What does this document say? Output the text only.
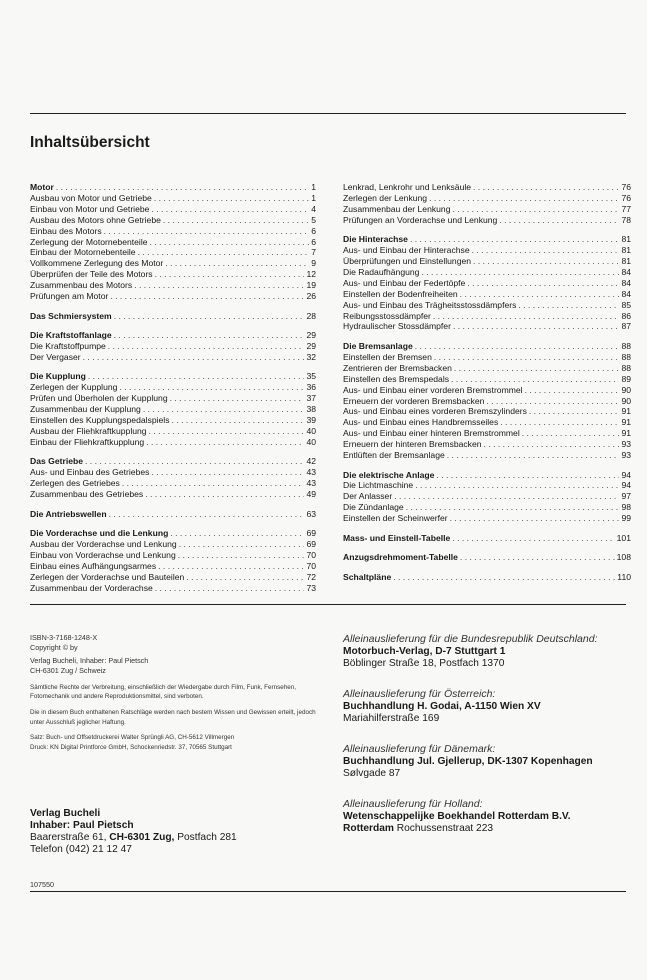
Inhaltsübersicht
Motor . . .	1
Ausbau von Motor und Getriebe . . .	1
Einbau von Motor und Getriebe . . .	4
Ausbau des Motors ohne Getriebe . . .	5
Einbau des Motors . . .	6
Zerlegung der Motornebenteile . . .	6
Einbau der Motornebenteile . . .	7
Vollkommene Zerlegung des Motor . . .	9
Überprüfen der Teile des Motors . . .	12
Zusammenbau des Motors . . .	19
Prüfungen am Motor . . .	26
Das Schmiersystem . . .	28
Die Kraftstoffanlage . . .	29
Die Kraftstoffpumpe . . .	29
Der Vergaser . . .	32
Die Kupplung . . .	35
Zerlegen der Kupplung . . .	36
Prüfen und Überholen der Kupplung . . .	37
Zusammenbau der Kupplung . . .	38
Einstellen des Kupplungspedalspiels . . .	39
Ausbau der Fliehkraftkupplung . . .	40
Einbau der Fliehkraftkupplung . . .	40
Das Getriebe . . .	42
Aus- und Einbau des Getriebes . . .	43
Zerlegen des Getriebes . . .	43
Zusammenbau des Getriebes . . .	49
Die Antriebswellen . . .	63
Die Vorderachse und die Lenkung . . .	69
Ausbau der Vorderachse und Lenkung . . .	69
Einbau von Vorderachse und Lenkung . . .	70
Einbau eines Aufhängungsarmes . . .	70
Zerlegen der Vorderachse und Bauteilen . . .	72
Zusammenbau der Vorderachse . . .	73
Lenkrad, Lenkrohr und Lenksäule . . .	76
Zerlegen der Lenkung . . .	76
Zusammenbau der Lenkung . . .	77
Prüfungen an Vorderachse und Lenkung . . .	78
Die Hinterachse . . .	81
Aus- und Einbau der Hinterachse . . .	81
Überprüfungen und Einstellungen . . .	81
Die Radaufhängung . . .	84
Aus- und Einbau der Federtöpfe . . .	84
Einstellen der Bodenfreiheiten . . .	84
Aus- und Einbau des Trägheitsstossdämpfers . . .	85
Reibungsstossdämpfer . . .	86
Hydraulischer Stossdämpfer . . .	87
Die Bremsanlage . . .	88
Einstellen der Bremsen . . .	88
Zentrieren der Bremsbacken . . .	88
Einstellen des Bremspedals . . .	89
Aus- und Einbau einer vorderen Bremstrommel . . .	90
Erneuern der vorderen Bremsbacken . . .	90
Aus- und Einbau eines vorderen Bremszylinders . . .	91
Aus- und Einbau eines Handbremsseiles . . .	91
Aus- und Einbau einer hinteren Bremstrommel . . .	91
Erneuern der hinteren Bremsbacken . . .	93
Entlüften der Bremsanlage . . .	93
Die elektrische Anlage . . .	94
Die Lichtmaschine . . .	94
Der Anlasser . . .	97
Die Zündanlage . . .	98
Einstellen der Scheinwerfer . . .	99
Mass- und Einstell-Tabelle . . .	101
Anzugsdrehmoment-Tabelle . . .	108
Schaltpläne . . .	110
ISBN-3-7168-1248-X
Copyright © by
Verlag Bucheli, Inhaber: Paul Pietsch
CH-6301 Zug / Schweiz
Sämtliche Rechte der Verbreitung, einschließlich der Wiedergabe durch Film, Funk, Fernsehen, Fotomechanik und andere Reproduktionsmittel, sind verboten.
Die in diesem Buch enthaltenen Ratschläge werden nach bestem Wissen und Gewissen erteilt, jedoch unter Ausschluß jeglicher Haftung.
Satz: Buch- und Offsetdruckerei Walter Sprüngli AG, CH-5612 Villmergen
Druck: KN Digital Printforce GmbH, Schockenriedstr. 37, 70565 Stuttgart
Verlag Bucheli
Inhaber: Paul Pietsch
Baarerstraße 61, CH-6301 Zug, Postfach 281
Telefon (042) 21 12 47
Alleinauslieferung für die Bundesrepublik Deutschland:
Motorbuch-Verlag, D-7 Stuttgart 1
Böblinger Straße 18, Postfach 1370
Alleinauslieferung für Österreich:
Buchhandlung H. Godai, A-1150 Wien XV
Mariahilferstraße 169
Alleinauslieferung für Dänemark:
Buchhandlung Jul. Gjellerup, DK-1307 Kopenhagen
Sølvgade 87
Alleinauslieferung für Holland:
Wetenschappelijke Boekhandel Rotterdam B.V.
Rotterdam Rochussenstraat 223
107550
